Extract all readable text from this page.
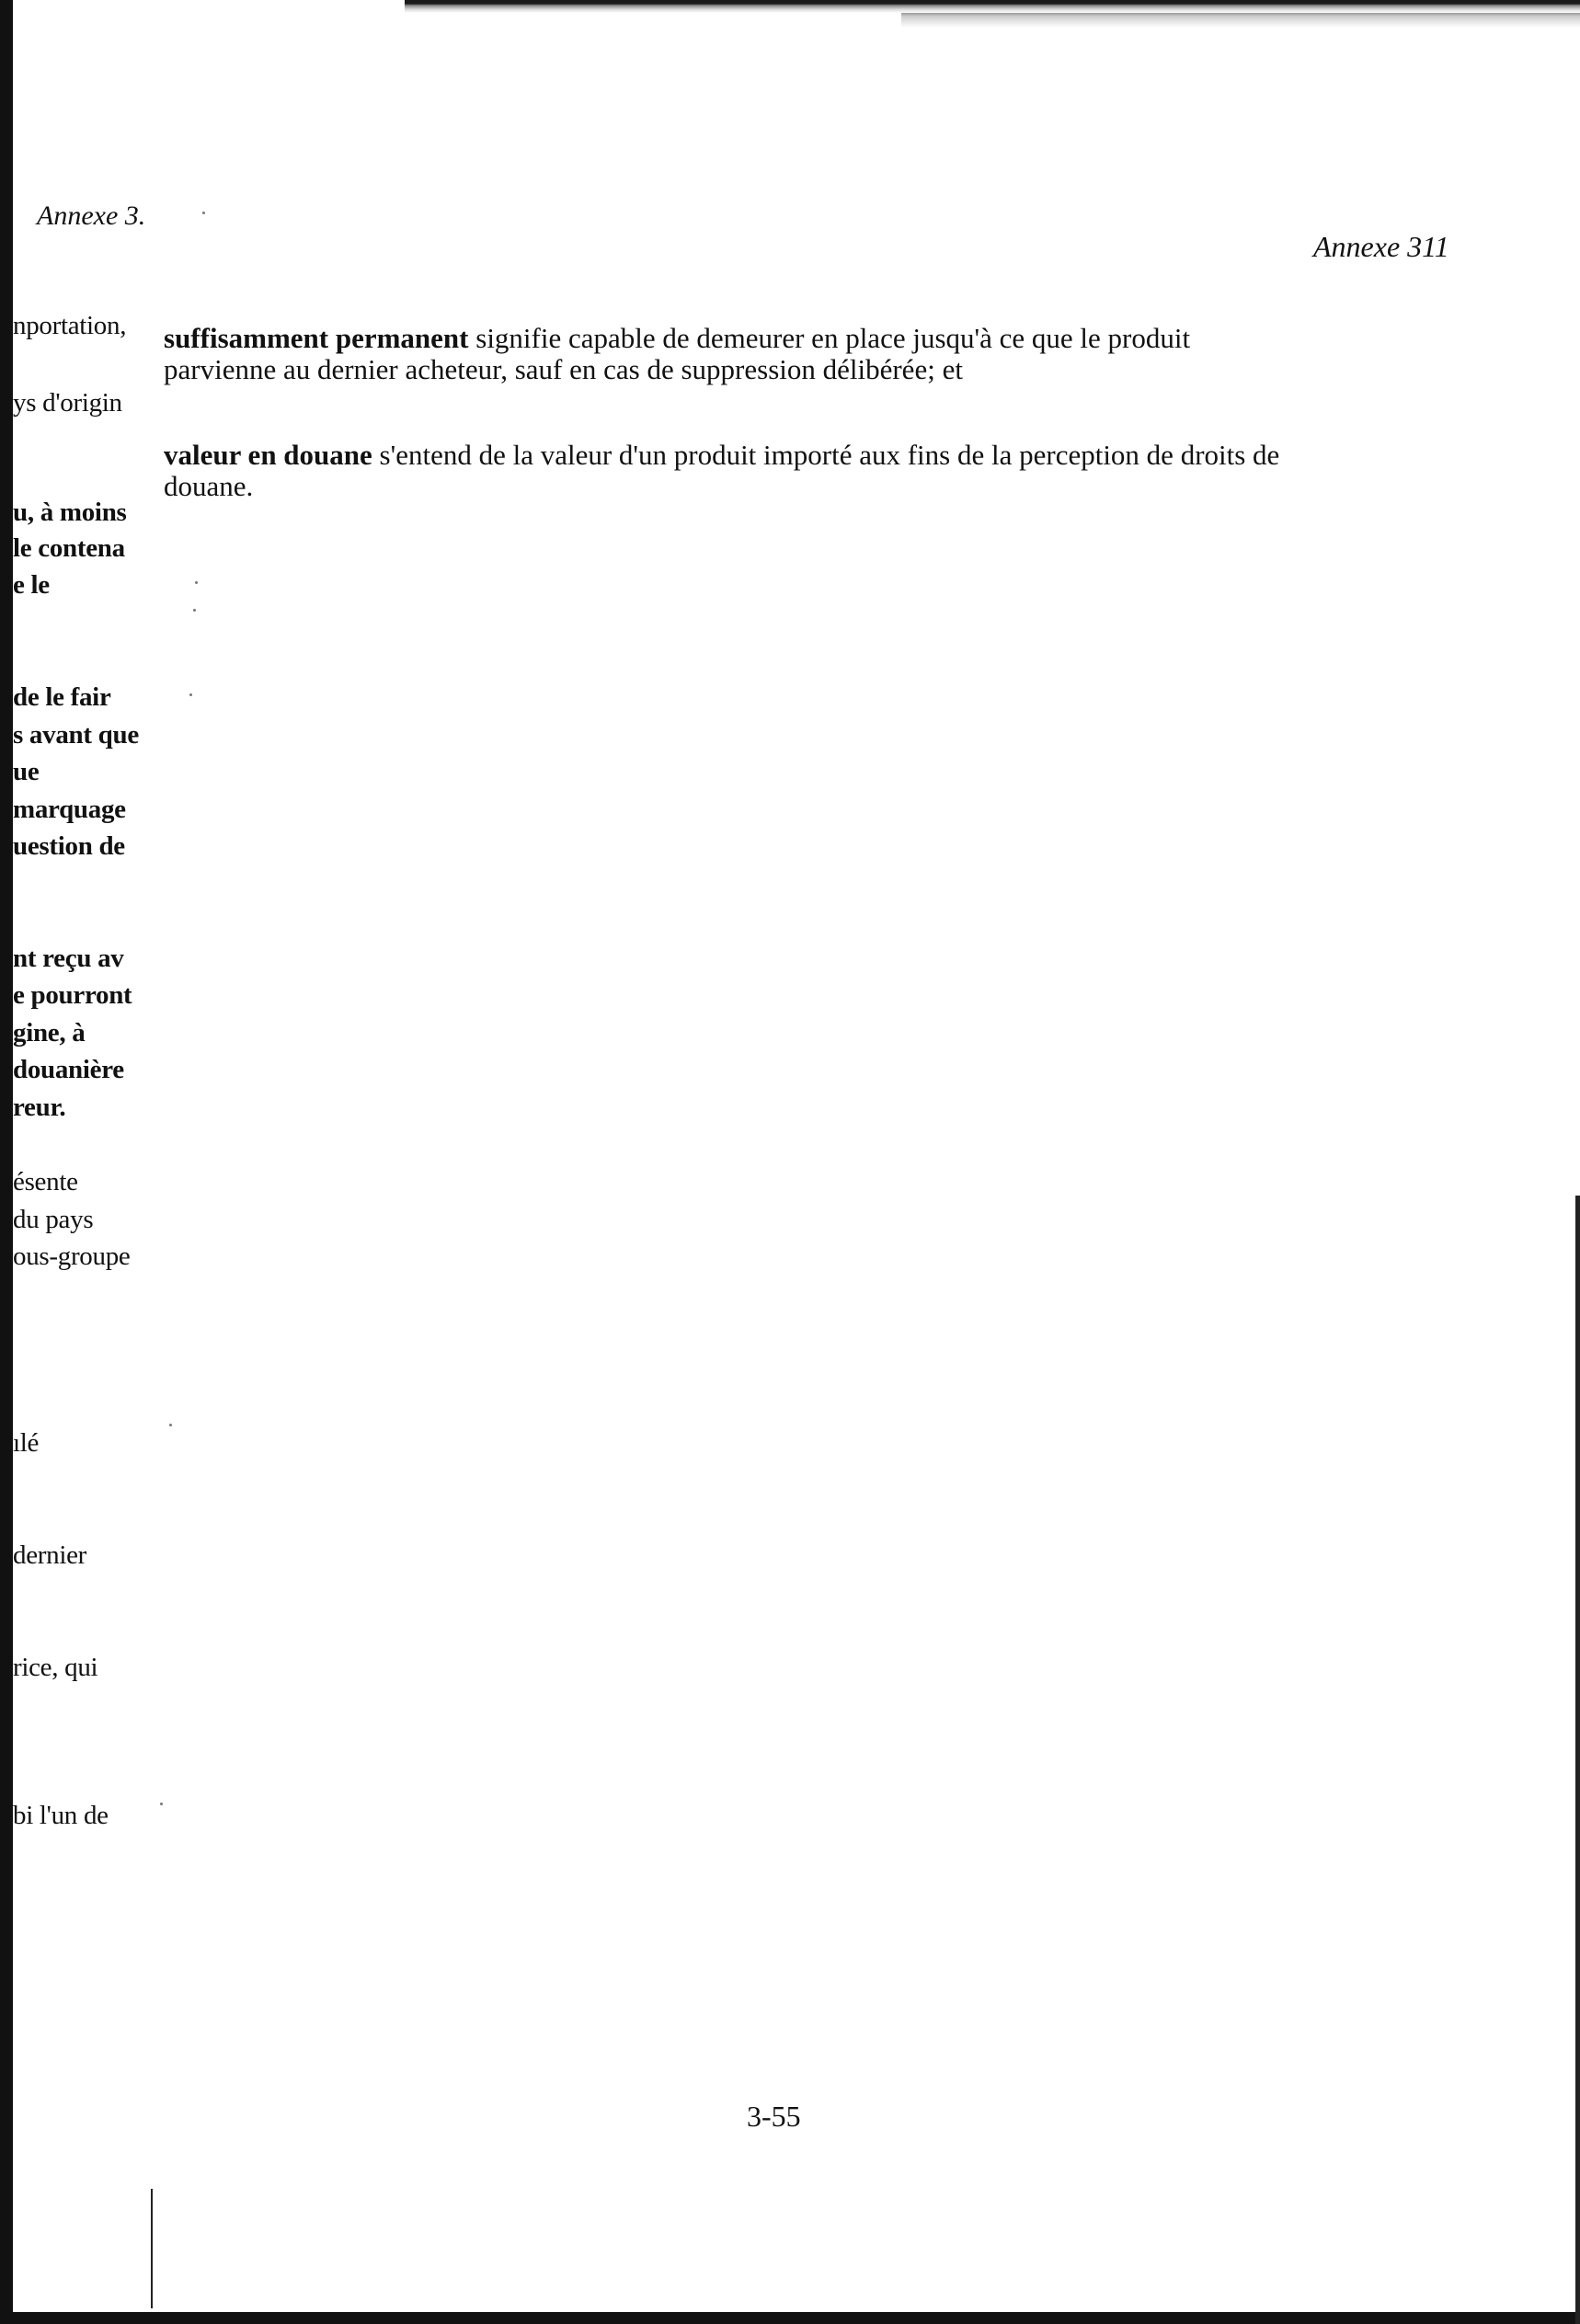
Annexe 3.
Annexe 311
nportation,
ys d'origin
u, à moins
le contena
e le
de le fair
s avant que
ue
marquage
uestion de
nt reçu av
e pourront
gine, à
douanière
reur.
ésente
du pays
ous-groupe
ılé
dernier
rice, qui
bi l'un de

suffisamment permanent signifie capable de demeurer en place jusqu'à ce que le produit

parvienne au dernier acheteur, sauf en cas de suppression délibérée; et

valeur en douane s'entend de la valeur d'un produit importé aux fins de la perception de droits de

douane.

3-55
